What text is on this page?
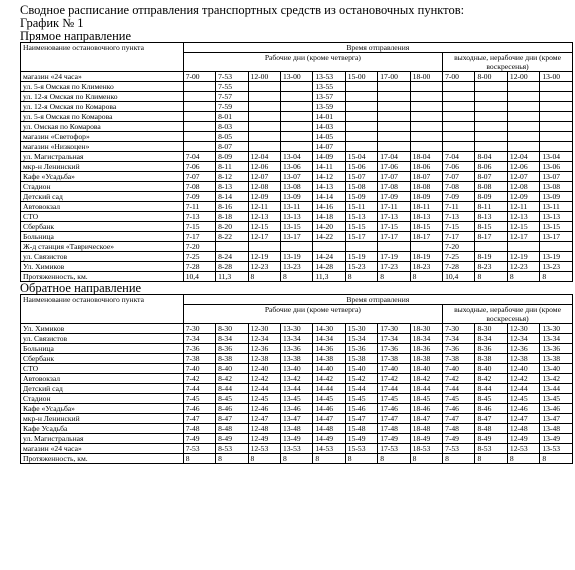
Сводное расписание отправления транспортных средств из остановочных пунктов:

График № 1

Прямое направление

Наименование остановочного пункта	Время отправления											
	Рабочие дни (кроме четверга)								выходные, нерабочие дни (кроме воскресенья)			
магазин «24 часа»	7-00	7-53	12-00	13-00	13-53	15-00	17-00	18-00	7-00	8-00	12-00	13-00
ул. 5-я Омская по Клименко		7-55			13-55							
ул. 12-я Омская по Клименко		7-57			13-57							
ул. 12-я Омская по Комарова		7-59			13-59							
ул. 5-я Омская по Комарова		8-01			14-01							
ул. Омская по Комарова		8-03			14-03							
магазин «Светофор»		8-05			14-05							
магазин «Низкоцен»		8-07			14-07							
ул. Магистральная	7-04	8-09	12-04	13-04	14-09	15-04	17-04	18-04	7-04	8-04	12-04	13-04
мкр-н Ленинский	7-06	8-11	12-06	13-06	14-11	15-06	17-06	18-06	7-06	8-06	12-06	13-06
Кафе «Усадьба»	7-07	8-12	12-07	13-07	14-12	15-07	17-07	18-07	7-07	8-07	12-07	13-07
Стадион	7-08	8-13	12-08	13-08	14-13	15-08	17-08	18-08	7-08	8-08	12-08	13-08
Детский сад	7-09	8-14	12-09	13-09	14-14	15-09	17-09	18-09	7-09	8-09	12-09	13-09
Автовокзал	7-11	8-16	12-11	13-11	14-16	15-11	17-11	18-11	7-11	8-11	12-11	13-11
СТО	7-13	8-18	12-13	13-13	14-18	15-13	17-13	18-13	7-13	8-13	12-13	13-13
Сбербанк	7-15	8-20	12-15	13-15	14-20	15-15	17-15	18-15	7-15	8-15	12-15	13-15
Больница	7-17	8-22	12-17	13-17	14-22	15-17	17-17	18-17	7-17	8-17	12-17	13-17
Ж-д станция «Таврическое»	7-20								7-20			
ул. Связистов	7-25	8-24	12-19	13-19	14-24	15-19	17-19	18-19	7-25	8-19	12-19	13-19
Ул. Химиков	7-28	8-28	12-23	13-23	14-28	15-23	17-23	18-23	7-28	8-23	12-23	13-23
Протяженность, км.	10,4	11,3	8	8	11,3	8	8	8	10,4	8	8	8

Обратное направление

Наименование остановочного пункта	Время отправления											
	Рабочие дни (кроме четверга)								выходные, нерабочие дни (кроме воскресенья)			
Ул. Химиков	7-30	8-30	12-30	13-30	14-30	15-30	17-30	18-30	7-30	8-30	12-30	13-30
ул. Связистов	7-34	8-34	12-34	13-34	14-34	15-34	17-34	18-34	7-34	8-34	12-34	13-34
Больница	7-36	8-36	12-36	13-36	14-36	15-36	17-36	18-36	7-36	8-36	12-36	13-36
Сбербанк	7-38	8-38	12-38	13-38	14-38	15-38	17-38	18-38	7-38	8-38	12-38	13-38
СТО	7-40	8-40	12-40	13-40	14-40	15-40	17-40	18-40	7-40	8-40	12-40	13-40
Автовокзал	7-42	8-42	12-42	13-42	14-42	15-42	17-42	18-42	7-42	8-42	12-42	13-42
Детский сад	7-44	8-44	12-44	13-44	14-44	15-44	17-44	18-44	7-44	8-44	12-44	13-44
Стадион	7-45	8-45	12-45	13-45	14-45	15-45	17-45	18-45	7-45	8-45	12-45	13-45
Кафе «Усадьба»	7-46	8-46	12-46	13-46	14-46	15-46	17-46	18-46	7-46	8-46	12-46	13-46
мкр-н Ленинский	7-47	8-47	12-47	13-47	14-47	15-47	17-47	18-47	7-47	8-47	12-47	13-47
Кафе Усадьба	7-48	8-48	12-48	13-48	14-48	15-48	17-48	18-48	7-48	8-48	12-48	13-48
ул. Магистральная	7-49	8-49	12-49	13-49	14-49	15-49	17-49	18-49	7-49	8-49	12-49	13-49
магазин «24 часа»	7-53	8-53	12-53	13-53	14-53	15-53	17-53	18-53	7-53	8-53	12-53	13-53
Протяженность, км.	8	8	8	8	8	8	8	8	8	8	8	8
